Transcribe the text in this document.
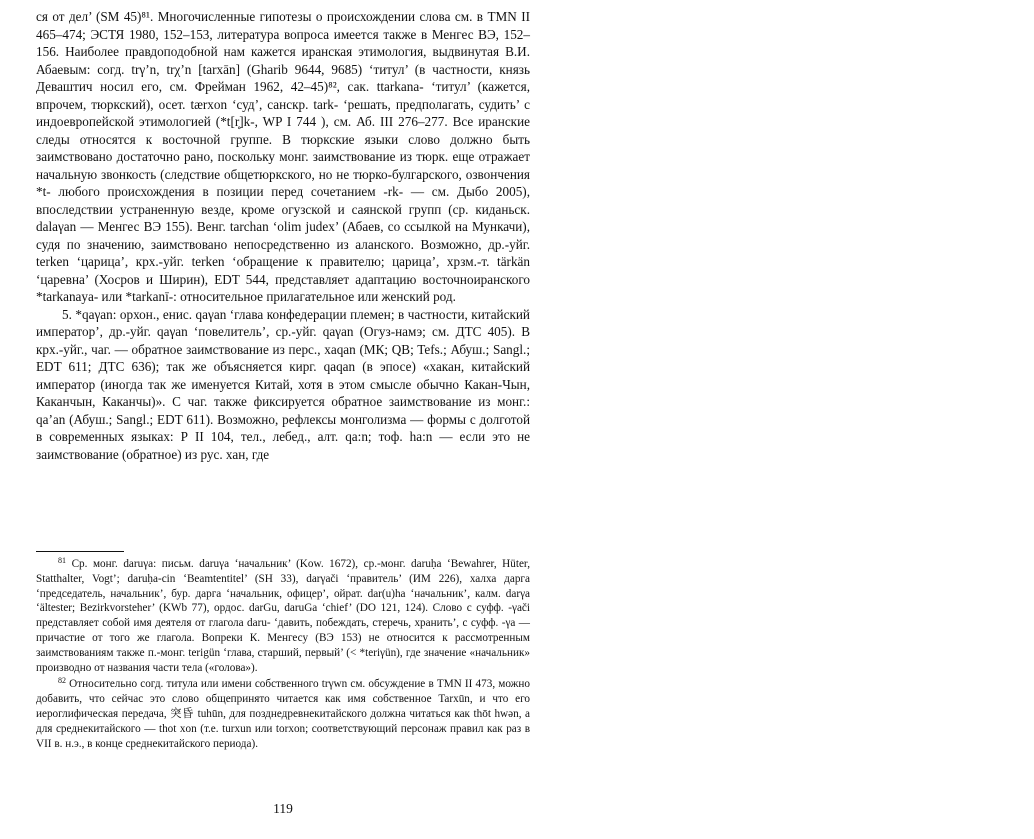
ся от дел’ (SM 45)⁸¹. Многочисленные гипотезы о происхождении слова см. в TMN II 465–474; ЭСТЯ 1980, 152–153, литература вопроса имеется также в Менгес ВЭ, 152–156. Наиболее правдоподобной нам кажется иранская этимология, выдвинутая В.И. Абаевым: согд. trγ’n, trχ’n [tarxān] (Gharib 9644, 9685) ‘титул’ (в частности, князь Деваштич носил его, см. Фрейман 1962, 42–45)⁸², сак. ttarkana- ‘титул’ (кажется, впрочем, тюркский), осет. tærxon ‘суд’, санскр. tark- ‘решать, предполагать, судить’ с индоевропейской этимологией (*t[r̥]k-, WP I 744 ), см. Аб. III 276–277. Все иранские следы относятся к восточной группе. В тюркские языки слово должно быть заимствовано достаточно рано, поскольку монг. заимствование из тюрк. еще отражает начальную звонкость (следствие общетюркского, но не тюрко-булгарского, озвончения *t- любого происхождения в позиции перед сочетанием -rk- — см. Дыбо 2005), впоследствии устраненную везде, кроме огузской и саянской групп (ср. киданьск. dalaγan — Менгес ВЭ 155). Венг. tarchan ‘olim judex’ (Абаев, со ссылкой на Мункачи), судя по значению, заимствовано непосредственно из аланского. Возможно, др.-уйг. terken ‘царица’, крх.-уйг. terken ‘обращение к правителю; царица’, хрзм.-т. tärkän ‘царевна’ (Хосров и Ширин), EDT 544, представляет адаптацию восточноиранского *tarkanaya- или *tarkanī-: относительное прилагательное или женский род.

5. *qaγan: орхон., енис. qaγan ‘глава конфедерации племен; в частности, китайский император’, др.-уйг. qaγan ‘повелитель’, ср.-уйг. qaγan (Огуз-намэ; см. ДТС 405). В крх.-уйг., чаг. — обратное заимствование из перс., xaqan (МК; QB; Tefs.; Абуш.; Sangl.; EDT 611; ДТС 636); так же объясняется кирг. qaqan (в эпосе) «хакан, китайский император (иногда так же именуется Китай, хотя в этом смысле обычно Какан-Чын, Каканчын, Каканчы)». С чаг. также фиксируется обратное заимствование из монг.: qa’an (Абуш.; Sangl.; EDT 611). Возможно, рефлексы монголизма — формы с долготой в современных языках: Р II 104, тел., лебед., алт. qa:n; тоф. ha:n — если это не заимствование (обратное) из рус. хан, где

$^{81}$ Ср. монг. daruγa: письм. daruγa ‘начальник’ (Kow. 1672), ср.-монг. daruḥa ‘Bewahrer, Hüter, Statthalter, Vogt’; daruḥa-cin ‘Beamtentitel’ (SH 33), darγači ‘правитель’ (ИМ 226), халха дарга ‘председатель, начальник’, бур. дарга ‘начальник, офицер’, ойрат. dar(u)ha ‘начальник’, калм. darγa ‘ältester; Bezirkvorsteher’ (KWb 77), ордос. darGu, daruGa ‘chief’ (DO 121, 124). Слово с суфф. -γači представляет собой имя деятеля от глагола daru- ‘давить, побеждать, стеречь, хранить’, с суфф. -γa — причастие от того же глагола. Вопреки К. Менгесу (ВЭ 153) не относится к рассмотренным заимствованиям также п.-монг. terigün ‘глава, старший, первый’ (< *teriγün), где значение «начальник» производно от названия части тела («голова»).

$^{82}$ Относительно согд. титула или имени собственного trγwn см. обсуждение в TMN II 473, можно добавить, что сейчас это слово общепринято читается как имя собственное Tarxūn, и что его иероглифическая передача, 突昏 tuhūn, для позднедревнекитайского должна читаться как thōt hwən, а для среднекитайского — thot xon (т.е. turxun или torxon; соответствующий персонаж правил как раз в VII в. н.э., в конце среднекитайского периода).

119
